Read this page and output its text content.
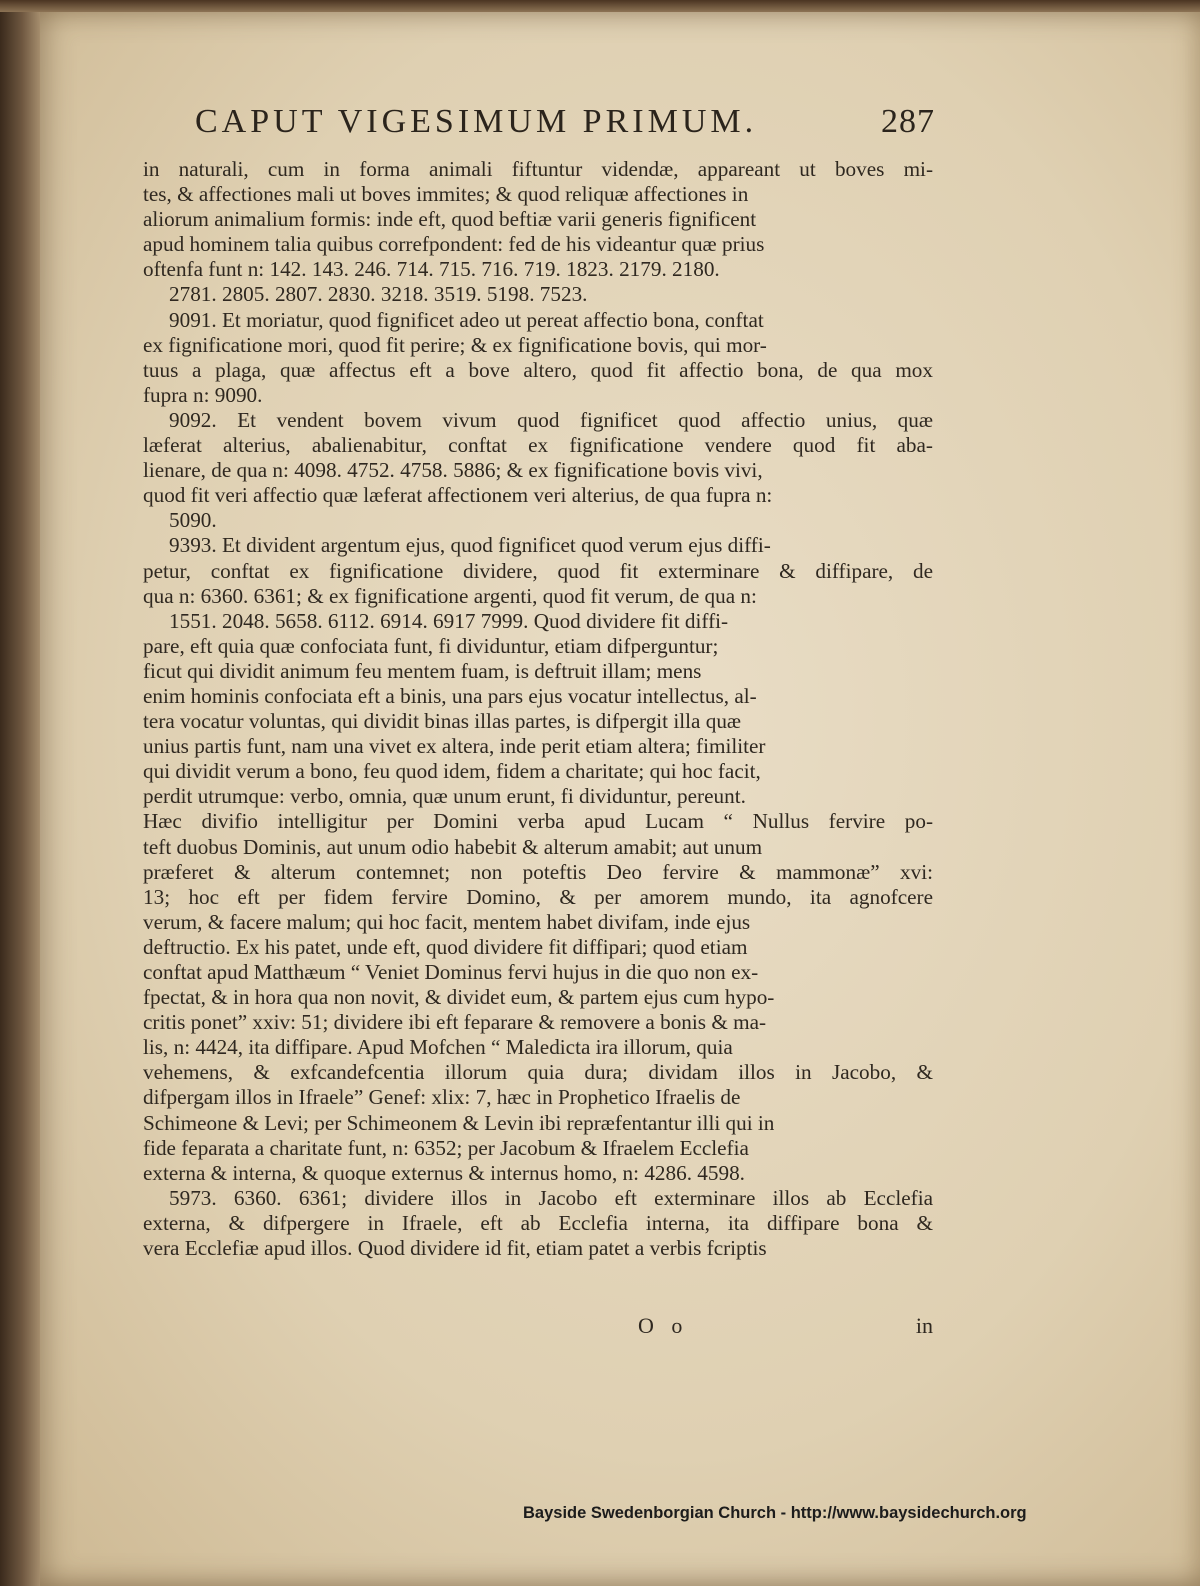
CAPUT VIGESIMUM PRIMUM.	287
in naturali, cum in forma animali fiftuntur videndæ, appareant ut boves mi-
tes, & affectiones mali ut boves immites; & quod reliquæ affectiones in
aliorum animalium formis: inde eft, quod beftiæ varii generis fignificent
apud hominem talia quibus correfpondent: fed de his videantur quæ prius
oftenfa funt n: 142. 143. 246. 714. 715. 716. 719. 1823. 2179. 2180.
2781. 2805. 2807. 2830. 3218. 3519. 5198. 7523.
9091. Et moriatur, quod fignificet adeo ut pereat affectio bona, conftat
ex fignificatione mori, quod fit perire; & ex fignificatione bovis, qui mor-
tuus a plaga, quæ affectus eft a bove altero, quod fit affectio bona, de qua mox
fupra n: 9090.
9092. Et vendent bovem vivum quod fignificet quod affectio unius, quæ
læferat alterius, abalienabitur, conftat ex fignificatione vendere quod fit aba-
lienare, de qua n: 4098. 4752. 4758. 5886; & ex fignificatione bovis vivi,
quod fit veri affectio quæ læferat affectionem veri alterius, de qua fupra n:
5090.
9393. Et divident argentum ejus, quod fignificet quod verum ejus diffi-
petur, conftat ex fignificatione dividere, quod fit exterminare & diffipare, de
qua n: 6360. 6361; & ex fignificatione argenti, quod fit verum, de qua n:
1551. 2048. 5658. 6112. 6914. 6917 7999. Quod dividere fit diffi-
pare, eft quia quæ confociata funt, fi dividuntur, etiam difperguntur;
ficut qui dividit animum feu mentem fuam, is deftruit illam; mens
enim hominis confociata eft a binis, una pars ejus vocatur intellectus, al-
tera vocatur voluntas, qui dividit binas illas partes, is difpergit illa quæ
unius partis funt, nam una vivet ex altera, inde perit etiam altera; fimiliter
qui dividit verum a bono, feu quod idem, fidem a charitate; qui hoc facit,
perdit utrumque: verbo, omnia, quæ unum erunt, fi dividuntur, pereunt.
Hæc divifio intelligitur per Domini verba apud Lucam “ Nullus fervire po-
teft duobus Dominis, aut unum odio habebit & alterum amabit; aut unum
præferet & alterum contemnet; non poteftis Deo fervire & mammonæ” xvi:
13; hoc eft per fidem fervire Domino, & per amorem mundo, ita agnofcere
verum, & facere malum; qui hoc facit, mentem habet divifam, inde ejus
deftructio. Ex his patet, unde eft, quod dividere fit diffipari; quod etiam
conftat apud Matthæum “ Veniet Dominus fervi hujus in die quo non ex-
fpectat, & in hora qua non novit, & dividet eum, & partem ejus cum hypo-
critis ponet” xxiv: 51; dividere ibi eft feparare & removere a bonis & ma-
lis, n: 4424, ita diffipare. Apud Mofchen “ Maledicta ira illorum, quia
vehemens, & exfcandefcentia illorum quia dura; dividam illos in Jacobo, &
difpergam illos in Ifraele” Genef: xlix: 7, hæc in Prophetico Ifraelis de
Schimeone & Levi; per Schimeonem & Levin ibi repræfentantur illi qui in
fide feparata a charitate funt, n: 6352; per Jacobum & Ifraelem Ecclefia
externa & interna, & quoque externus & internus homo, n: 4286. 4598.
5973. 6360. 6361; dividere illos in Jacobo eft exterminare illos ab Ecclefia
externa, & difpergere in Ifraele, eft ab Ecclefia interna, ita diffipare bona &
vera Ecclefiæ apud illos. Quod dividere id fit, etiam patet a verbis fcriptis
O o	in
Bayside Swedenborgian Church - http://www.baysidechurch.org
